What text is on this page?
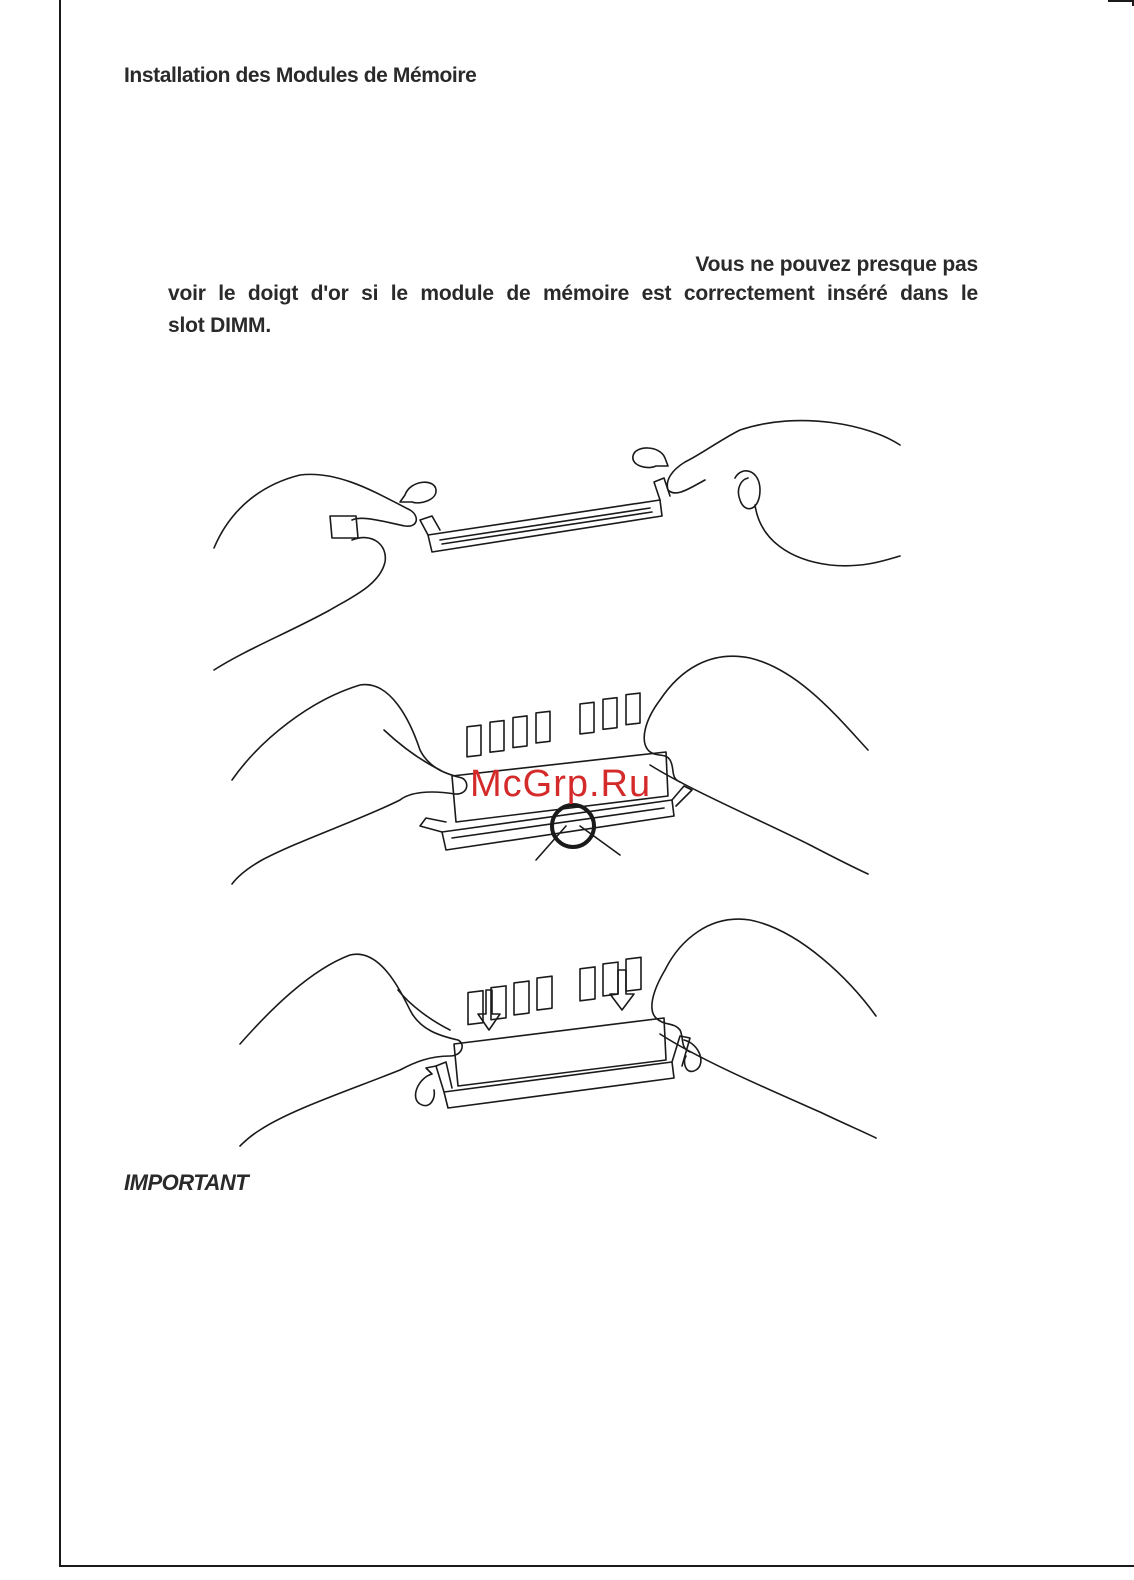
Installation des Modules de Mémoire
Vous ne pouvez presque pas
voir le doigt d'or si le module de mémoire est correctement inséré dans le
slot DIMM.
McGrp.Ru
IMPORTANT
